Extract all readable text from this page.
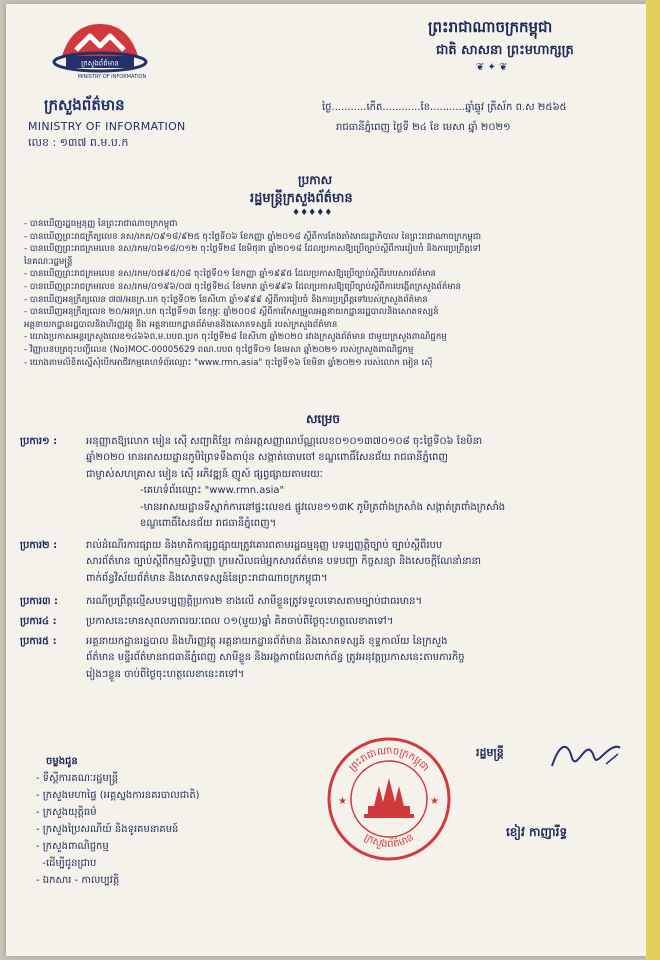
ក្រសួងព័ត៌មាន
MINISTRY OF INFORMATION
ក្រសួងព័ត៌មាន
MINISTRY OF INFORMATION
លេខ : ១៣៧ ព.ម.ប.ក
ព្រះរាជាណាចក្រកម្ពុជា
ជាតិ សាសនា ព្រះមហាក្សត្រ
❦ ✦ ❦
ថ្ងៃ...........កើត............ខែ...........ឆ្នាំឆ្លូវ ត្រីស័ក ព.ស ២៥៦៥
រាជធានីភ្នំពេញ ថ្ងៃទី ២៤ ខែ មេសា ឆ្នាំ ២០២១
ប្រកាស
រដ្ឋមន្ត្រីក្រសួងព័ត៌មាន
♦♦♦♦♦
- បានឃើញរដ្ឋធម្មនុញ្ញ នៃព្រះរាជាណាចក្រកម្ពុជា
- បានឃើញព្រះរាជក្រឹត្យលេខ នស/រកត/០៩១៨/៩២៥ ចុះថ្ងៃទី០៦ ខែកញ្ញា ឆ្នាំ២០១៨ ស្តីពីការតែងតាំងរាជរដ្ឋាភិបាល នៃព្រះរាជាណាចក្រកម្ពុជា
- បានឃើញព្រះរាជក្រមលេខ នស/រកម/០៦១៨/០១២ ចុះថ្ងៃទី២៨ ខែមិថុនា ឆ្នាំ២០១៨ ដែលប្រកាសឱ្យប្រើច្បាប់ស្តីពីការរៀបចំ និងការប្រព្រឹត្តទៅ
នៃគណៈរដ្ឋមន្ត្រី
- បានឃើញព្រះរាជក្រមលេខ នស/រកម/០៧៩៥/០៨ ចុះថ្ងៃទី០១ ខែកញ្ញា ឆ្នាំ១៩៩៥ ដែលប្រកាសឱ្យប្រើច្បាប់ស្តីពីរបបសារព័ត៌មាន
- បានឃើញព្រះរាជក្រមលេខ នស/រកម/០១៩៦/០៧ ចុះថ្ងៃទី២៤ ខែមករា ឆ្នាំ១៩៩៦ ដែលប្រកាសឱ្យប្រើច្បាប់ស្តីពីការបង្កើតក្រសួងព័ត៌មាន
- បានឃើញអនុក្រឹត្យលេខ ៧៧/អនក្រ.បក ចុះថ្ងៃទី០២ ខែសីហា ឆ្នាំ១៩៩៩ ស្តីពីការរៀបចំ និងការប្រព្រឹត្តទៅរបស់ក្រសួងព័ត៌មាន
- បានឃើញអនុក្រឹត្យលេខ ២០/អនក្រ.បក ចុះថ្ងៃទី១៣ ខែកុម្ភៈ ឆ្នាំ២០០៨ ស្តីពីការកែសម្រួលអគ្គនាយកដ្ឋានរដ្ឋបាលនិងសោតទស្សន៍
អគ្គនាយកដ្ឋានរដ្ឋបាលនិងហិរញ្ញវត្ថុ និង អគ្គនាយកដ្ឋានព័ត៌មាននិងសោតទស្សន៍ របស់ក្រសួងព័ត៌មាន
- យោងប្រកាសអន្តរក្រសួងលេខ១៤៦៦ព.ម.បបព.ប្រក ចុះថ្ងៃទី២៨ ខែសីហា ឆ្នាំ២០២០ រវាងក្រសួងព័ត៌មាន ជាមួយក្រសួងពាណិជ្ជកម្ម
- វិញ្ញាបនបត្រចុះបញ្ជីលេខ (No)MOC-00005629 ពណ.បបព ចុះថ្ងៃទី០១ ខែមេសា ឆ្នាំ២០២១ របស់ក្រសួងពាណិជ្ជកម្ម
- យោងតាមលិខិតស្នើសុំបើកអាជីវកម្មគេហទំព័រឈ្មោះ "www.rmn.asia" ចុះថ្ងៃទី១៦ ខែមិនា ឆ្នាំ២០២១ របស់លោក មៀន ស៊ើ
សម្រេច
ប្រការ១ :	អនុញ្ញាតឱ្យលោក មៀន ស៊ើ សញ្ជាតិខ្មែរ កាន់អត្តសញ្ញាណប័ណ្ណលេខ០១០១៣៧០១០៨ ចុះថ្ងៃទី០៦ ខែមិនា
ឆ្នាំ២០២០ មានអាសយដ្ឋានភូមិព្រៃទទឹងតាប៉ុន សង្កាត់ចោមចៅ ខណ្ឌពោធិ៍សែនជ័យ រាជធានីភ្នំពេញ
ជាម្ចាស់សហគ្រាស មៀន ស៊ើ អភិវឌ្ឍន៍ ញូស៍ ផ្សព្វផ្សាយតាមរយៈ
-គេហទំព័រឈ្មោះ "www.rmn.asia"
-មានអាសយដ្ឋានទីស្នាក់ការនៅផ្ទះលេខ៥ ផ្លូវលេខ១១៣K ភូមិត្រពាំងក្រសាំង សង្កាត់ត្រពាំងក្រសាំង
ខណ្ឌពោធិ៍សែនជ័យ រាជធានីភ្នំពេញ។
ប្រការ២ :	រាល់ដំណើរការផ្សាយ និងមាតិកាផ្សព្វផ្សាយត្រូវគោរពតាមរដ្ឋធម្មនុញ្ញ បទប្បញ្ញត្តិច្បាប់ ច្បាប់ស្តីពីរបប
សារព័ត៌មាន ច្បាប់ស្តីពីកម្មសិទ្ធិបញ្ញា ក្រមសីលធម៌អ្នកសារព័ត៌មាន បទបញ្ជា កិច្ចសន្យា និងសេចក្តីណែនាំនានា
ពាក់ព័ន្ធវិស័យព័ត៌មាន និងសោតទស្សន៍នៃព្រះរាជាណាចក្រកម្ពុជា។
ប្រការ៣ :	ករណីប្រព្រឹត្តល្មើសបទប្បញ្ញត្តិប្រការ២ ខាងលើ សាមីខ្លួនត្រូវទទួលទោសតាមច្បាប់ជាធរមាន។
ប្រការ៤ :	ប្រកាសនេះមានសុពលភាពរយៈពេល ០១(មួយ)ឆ្នាំ គិតចាប់ពីថ្ងៃចុះហត្ថលេខាតទៅ។
ប្រការ៥ :	អគ្គនាយកដ្ឋានរដ្ឋបាល និងហិរញ្ញវត្ថុ អគ្គនាយកដ្ឋានព័ត៌មាន និងសោតទស្សន៍ ខុទ្ទកាល័យ នៃក្រសួង
ព័ត៌មាន មន្ទីរព័ត៌មានរាជធានីភ្នំពេញ សាមីខ្លួន និងអង្គភាពដែលពាក់ព័ន្ធ ត្រូវអនុវត្តប្រកាសនេះតាមភារកិច្ច
រៀងៗខ្លួន ចាប់ពីថ្ងៃចុះហត្ថលេខានេះតទៅ។
ចម្លងជូន
- ទីស្តីការគណៈរដ្ឋមន្ត្រី
- ក្រសួងមហាផ្ទៃ (អគ្គស្នងការនគរបាលជាតិ)
- ក្រសួងយុត្តិធម៌
- ក្រសួងប្រៃសណីយ៍ និងទូរគមនាគមន៍
- ក្រសួងពាណិជ្ជកម្ម
-ដើម្បីជូនជ្រាប
- ឯកសារ - កាលប្បវត្តិ
ព្រះរាជាណាចក្រកម្ពុជា
ក្រសួងព័ត៌មាន
★	★
រដ្ឋមន្ត្រី
ខៀវ កាញារីទ្ធ
